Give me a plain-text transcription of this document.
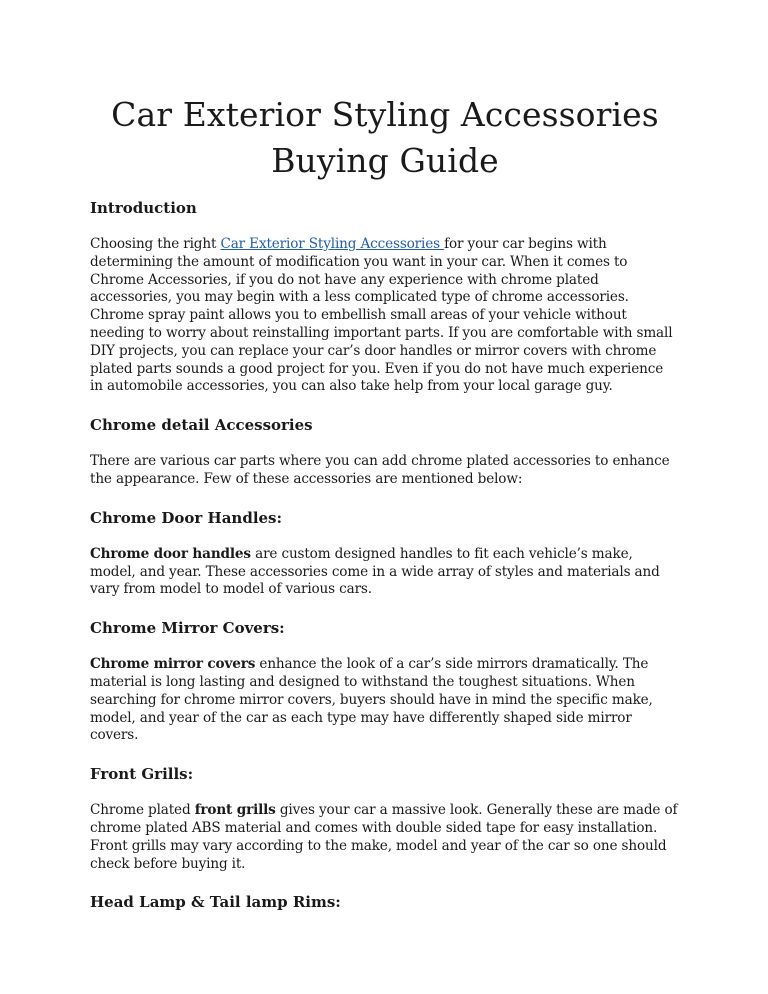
Car Exterior Styling Accessories
Buying Guide
Introduction

Choosing the right Car Exterior Styling Accessories for your car begins with determining the amount of modification you want in your car. When it comes to Chrome Accessories, if you do not have any experience with chrome plated accessories, you may begin with a less complicated type of chrome accessories. Chrome spray paint allows you to embellish small areas of your vehicle without needing to worry about reinstalling important parts. If you are comfortable with small DIY projects, you can replace your car’s door handles or mirror covers with chrome plated parts sounds a good project for you. Even if you do not have much experience in automobile accessories, you can also take help from your local garage guy.

Chrome detail Accessories

There are various car parts where you can add chrome plated accessories to enhance the appearance. Few of these accessories are mentioned below:

Chrome Door Handles:

Chrome door handles are custom designed handles to fit each vehicle’s make, model, and year. These accessories come in a wide array of styles and materials and vary from model to model of various cars.

Chrome Mirror Covers:

Chrome mirror covers enhance the look of a car’s side mirrors dramatically. The material is long lasting and designed to withstand the toughest situations. When searching for chrome mirror covers, buyers should have in mind the specific make, model, and year of the car as each type may have differently shaped side mirror covers.

Front Grills:

Chrome plated front grills gives your car a massive look. Generally these are made of chrome plated ABS material and comes with double sided tape for easy installation. Front grills may vary according to the make, model and year of the car so one should check before buying it.

Head Lamp & Tail lamp Rims:
